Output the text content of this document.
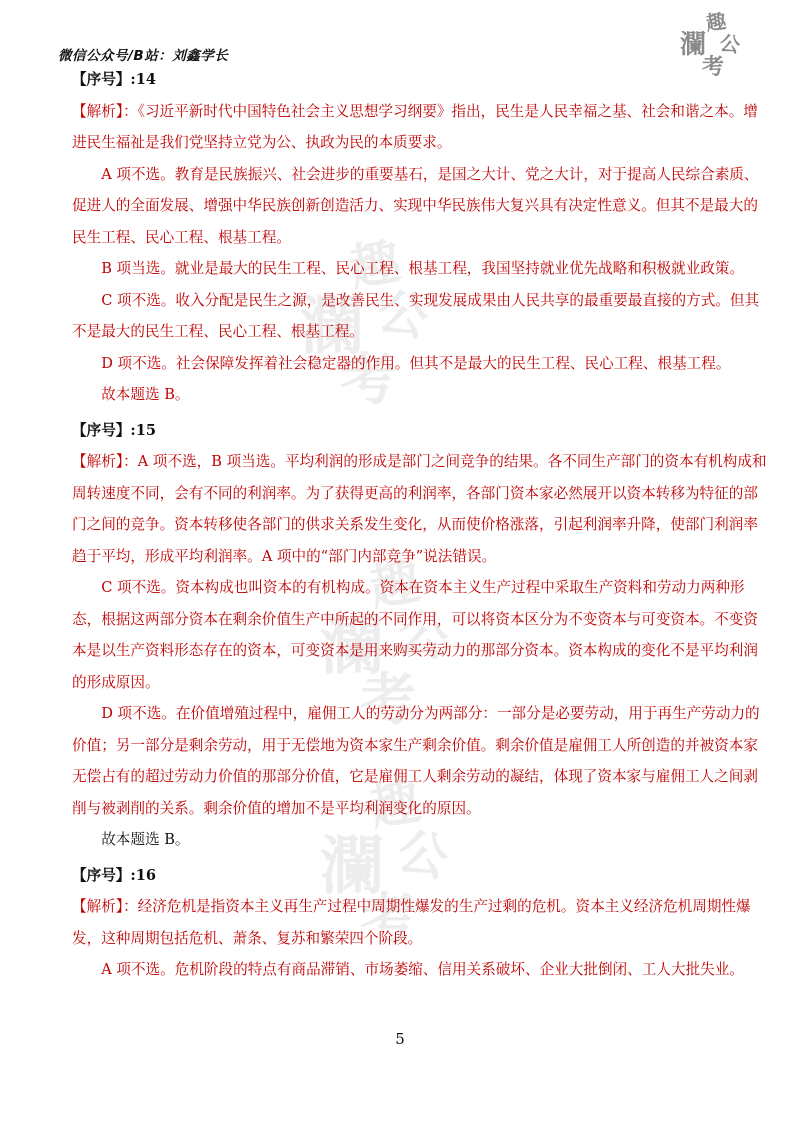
微信公众号/B站：刘鑫学长
趣
瀾 公
考
趣
瀾 公
考
趣
瀾 公
考
趣
瀾 公
考

【序号】:14

【解析】：《习近平新时代中国特色社会主义思想学习纲要》指出，民生是人民幸福之基、社会和谐之本。增进民生福祉是我们党坚持立党为公、执政为民的本质要求。

A 项不选。教育是民族振兴、社会进步的重要基石，是国之大计、党之大计，对于提高人民综合素质、促进人的全面发展、增强中华民族创新创造活力、实现中华民族伟大复兴具有决定性意义。但其不是最大的民生工程、民心工程、根基工程。

B 项当选。就业是最大的民生工程、民心工程、根基工程，我国坚持就业优先战略和积极就业政策。

C 项不选。收入分配是民生之源，是改善民生、实现发展成果由人民共享的最重要最直接的方式。但其不是最大的民生工程、民心工程、根基工程。

D 项不选。社会保障发挥着社会稳定器的作用。但其不是最大的民生工程、民心工程、根基工程。

故本题选 B。

【序号】:15

【解析】：A 项不选，B 项当选。平均利润的形成是部门之间竞争的结果。各不同生产部门的资本有机构成和周转速度不同，会有不同的利润率。为了获得更高的利润率，各部门资本家必然展开以资本转移为特征的部门之间的竞争。资本转移使各部门的供求关系发生变化，从而使价格涨落，引起利润率升降，使部门利润率趋于平均，形成平均利润率。A 项中的“部门内部竞争”说法错误。

C 项不选。资本构成也叫资本的有机构成。资本在资本主义生产过程中采取生产资料和劳动力两种形态，根据这两部分资本在剩余价值生产中所起的不同作用，可以将资本区分为不变资本与可变资本。不变资本是以生产资料形态存在的资本，可变资本是用来购买劳动力的那部分资本。资本构成的变化不是平均利润的形成原因。

D 项不选。在价值增殖过程中，雇佣工人的劳动分为两部分：一部分是必要劳动，用于再生产劳动力的价值；另一部分是剩余劳动，用于无偿地为资本家生产剩余价值。剩余价值是雇佣工人所创造的并被资本家无偿占有的超过劳动力价值的那部分价值，它是雇佣工人剩余劳动的凝结，体现了资本家与雇佣工人之间剥削与被剥削的关系。剩余价值的增加不是平均利润变化的原因。

故本题选 B。

【序号】:16

【解析】：经济危机是指资本主义再生产过程中周期性爆发的生产过剩的危机。资本主义经济危机周期性爆发，这种周期包括危机、萧条、复苏和繁荣四个阶段。

A 项不选。危机阶段的特点有商品滞销、市场萎缩、信用关系破坏、企业大批倒闭、工人大批失业。

5
